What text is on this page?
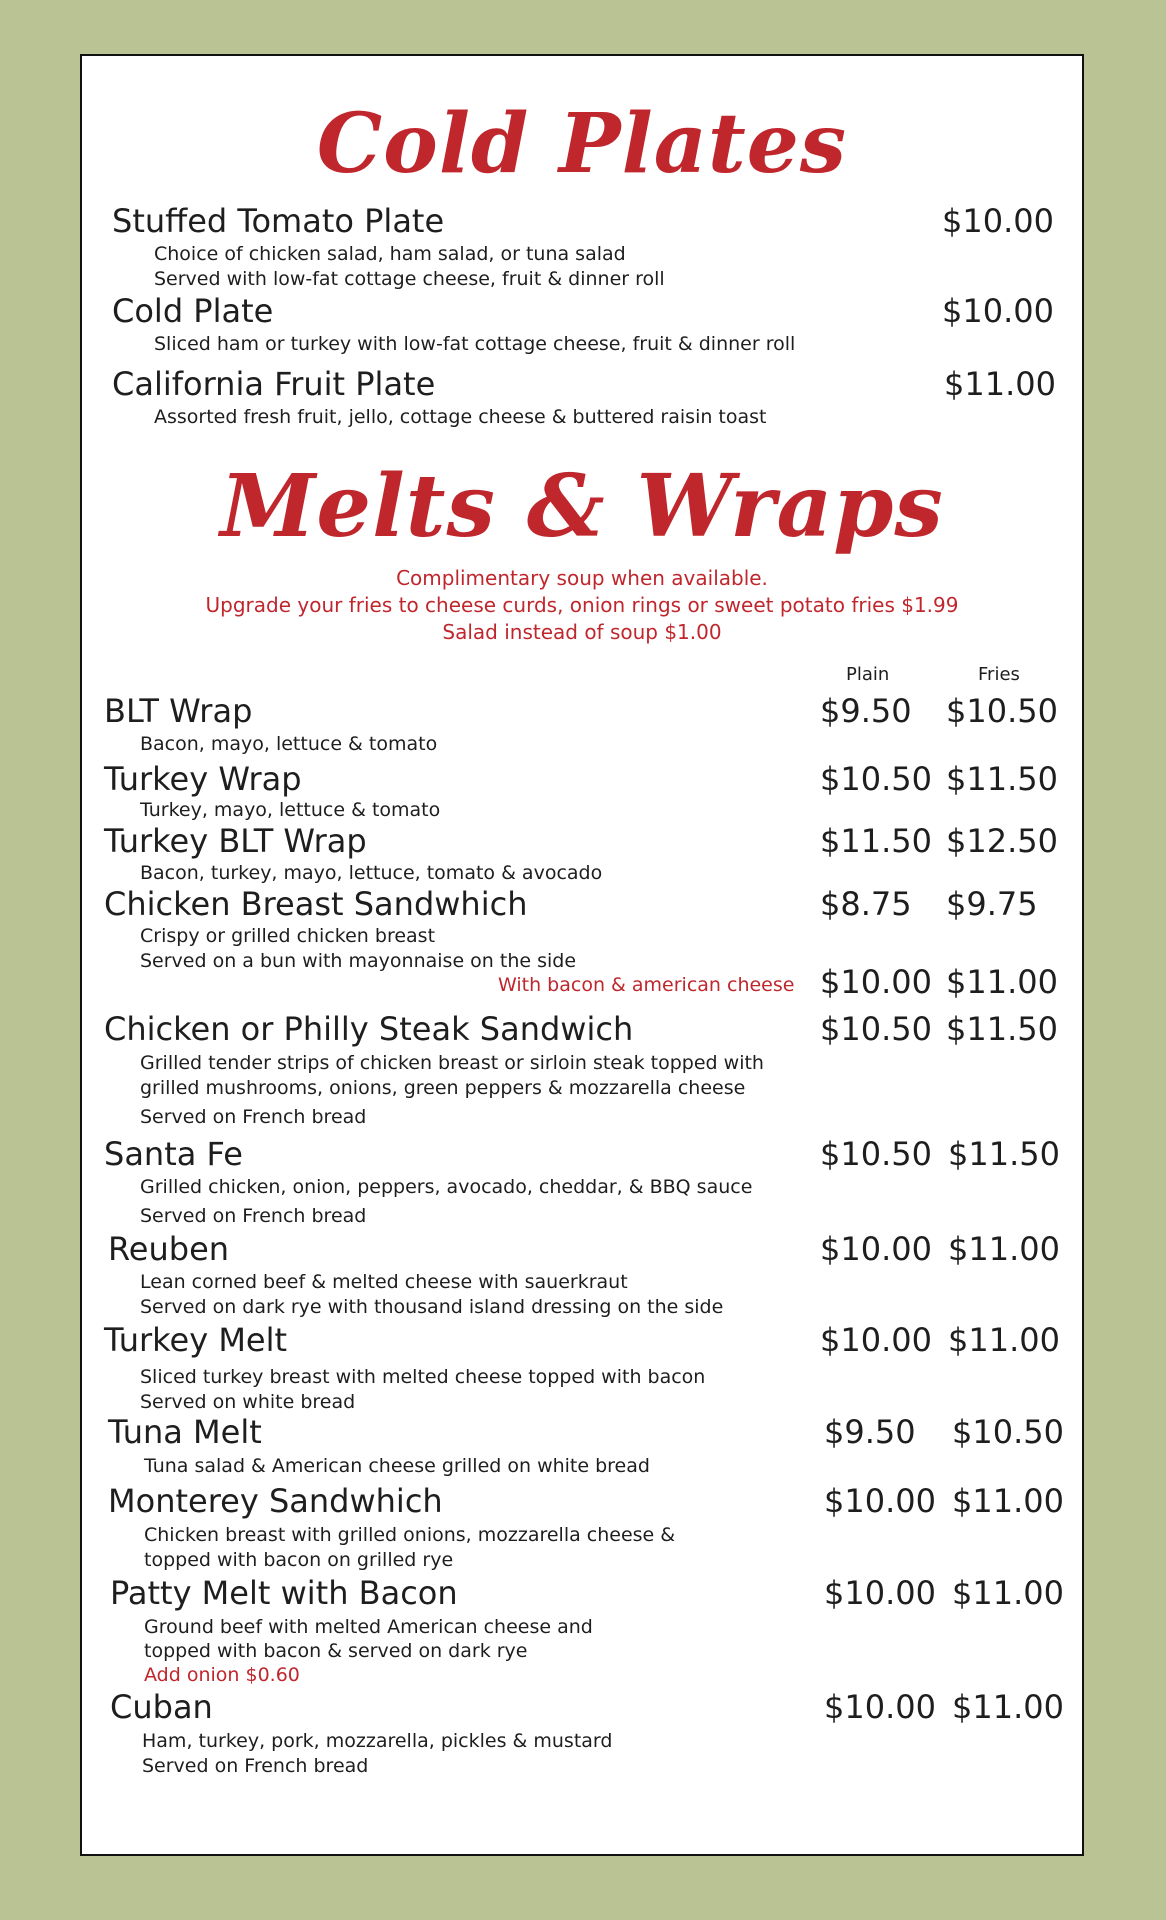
Cold Plates
Stuffed Tomato Plate	$10.00
Choice of chicken salad, ham salad, or tuna salad
Served with low-fat cottage cheese, fruit & dinner roll
Cold Plate	$10.00
Sliced ham or turkey with low-fat cottage cheese, fruit & dinner roll
California Fruit Plate	$11.00
Assorted fresh fruit, jello, cottage cheese & buttered raisin toast
Melts & Wraps
Complimentary soup when available.
Upgrade your fries to cheese curds, onion rings or sweet potato fries $1.99
Salad instead of soup $1.00
Plain	Fries
BLT Wrap	$9.50 $10.50
Bacon, mayo, lettuce & tomato
Turkey Wrap	$10.50 $11.50
Turkey, mayo, lettuce & tomato
Turkey BLT Wrap	$11.50 $12.50
Bacon, turkey, mayo, lettuce, tomato & avocado
Chicken Breast Sandwhich	$8.75 $9.75
Crispy or grilled chicken breast
Served on a bun with mayonnaise on the side
With bacon & american cheese $10.00 $11.00
Chicken or Philly Steak Sandwich	$10.50 $11.50
Grilled tender strips of chicken breast or sirloin steak topped with
grilled mushrooms, onions, green peppers & mozzarella cheese
Served on French bread
Santa Fe	$10.50 $11.50
Grilled chicken, onion, peppers, avocado, cheddar, & BBQ sauce
Served on French bread
Reuben	$10.00 $11.00
Lean corned beef & melted cheese with sauerkraut
Served on dark rye with thousand island dressing on the side
Turkey Melt	$10.00 $11.00
Sliced turkey breast with melted cheese topped with bacon
Served on white bread
Tuna Melt	$9.50 $10.50
Tuna salad & American cheese grilled on white bread
Monterey Sandwhich	$10.00 $11.00
Chicken breast with grilled onions, mozzarella cheese &
topped with bacon on grilled rye
Patty Melt with Bacon	$10.00 $11.00
Ground beef with melted American cheese and
topped with bacon & served on dark rye
Add onion $0.60
Cuban	$10.00 $11.00
Ham, turkey, pork, mozzarella, pickles & mustard
Served on French bread
